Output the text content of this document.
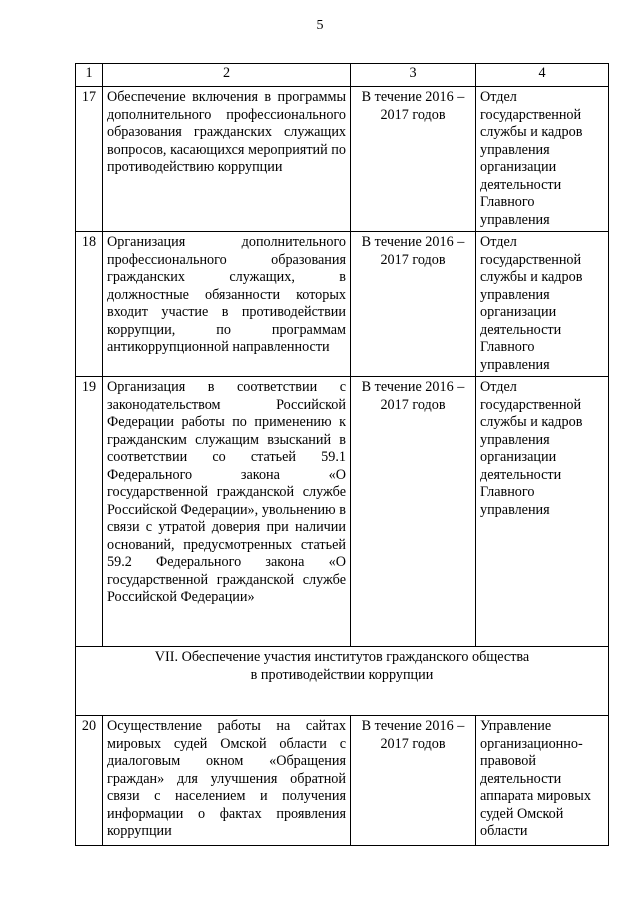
5
1	2	3	4
17	Обеспечение включения в программы дополнительного профессионального образования гражданских служащих вопросов, касающихся мероприятий по противодействию коррупции	В течение 2016 – 2017 годов	Отдел государственной службы и кадров управления организации деятельности Главного управления
18	Организация дополнительного профессионального образования гражданских служащих, в должностные обязанности которых входит участие в противодействии коррупции, по программам антикоррупционной направленности	В течение 2016 – 2017 годов	Отдел государственной службы и кадров управления организации деятельности Главного управления
19	Организация в соответствии с законодательством Российской Федерации работы по применению к гражданским служащим взысканий в соответствии со статьей 59.1 Федерального закона «О государственной гражданской службе Российской Федерации», увольнению в связи с утратой доверия при наличии оснований, предусмотренных статьей 59.2 Федерального закона «О государственной гражданской службе Российской Федерации»	В течение 2016 – 2017 годов	Отдел государственной службы и кадров управления организации деятельности Главного управления

VII. Обеспечение участия институтов гражданского общества
в противодействии коррупции			

20	Осуществление работы на сайтах мировых судей Омской области с диалоговым окном «Обращения граждан» для улучшения обратной связи с населением и получения информации о фактах проявления коррупции	В течение 2016 – 2017 годов	Управление организационно-правовой деятельности аппарата мировых судей Омской области
